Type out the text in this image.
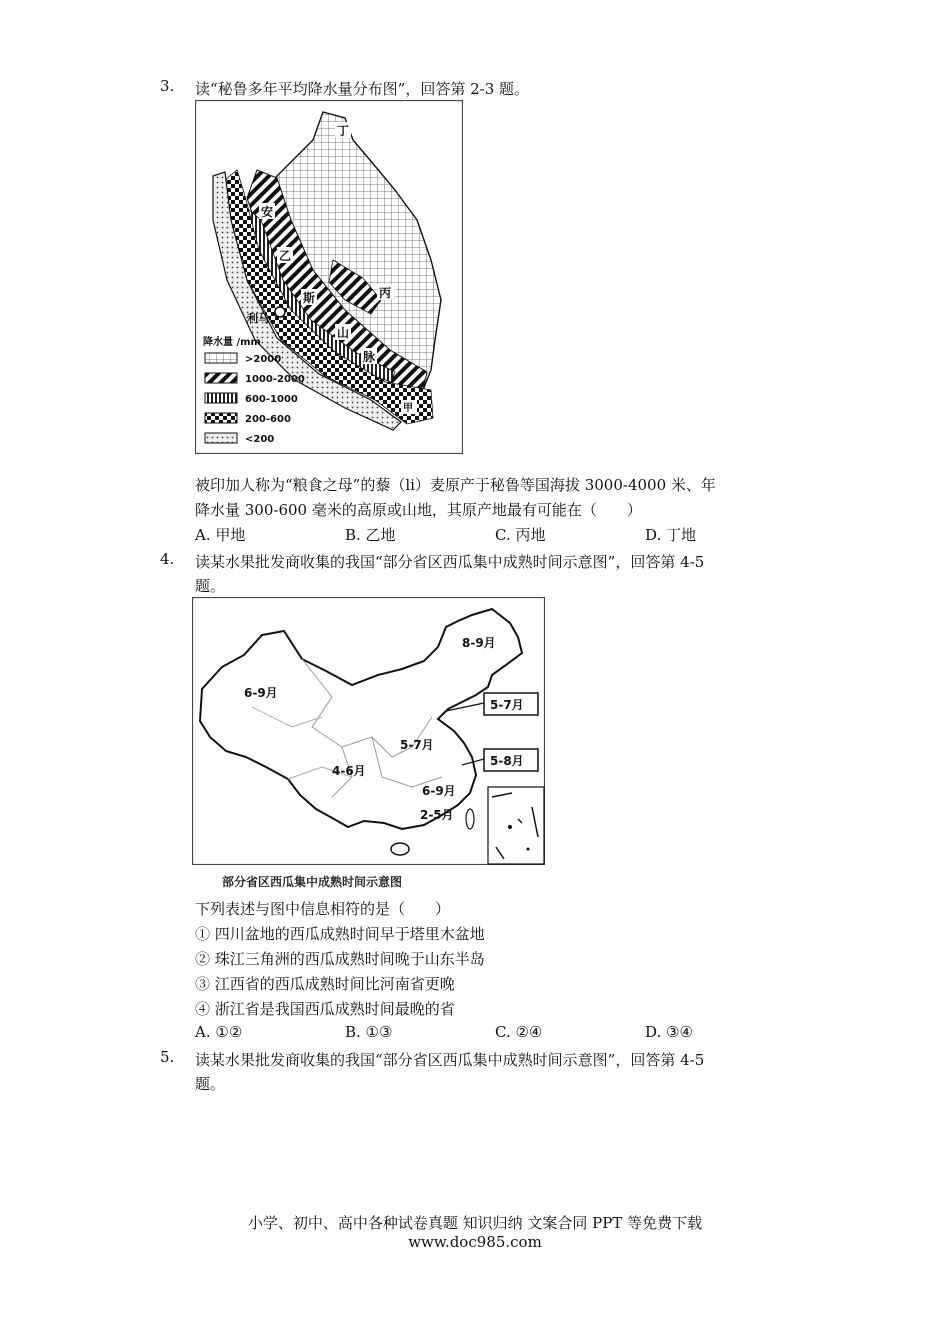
3. 读“秘鲁多年平均降水量分布图”，回答第 2-3 题。
丁
安
乙
丙
斯
山
脉
甲
利马
降水量 /mm
>2000
1000-2000
600-1000
200-600
<200
被印加人称为“粮食之母”的藜（li）麦原产于秘鲁等国海拔 3000-4000 米、年
降水量 300-600 毫米的高原或山地，其原产地最有可能在（　　）
A. 甲地	B. 乙地	C. 丙地	D. 丁地
4. 读某水果批发商收集的我国“部分省区西瓜集中成熟时间示意图”，回答第 4-5
题。
5-7月
5-8月
8-9月
6-9月
5-7月
4-6月
6-9月
2-5月
部分省区西瓜集中成熟时间示意图
下列表述与图中信息相符的是（　　）
① 四川盆地的西瓜成熟时间早于塔里木盆地
② 珠江三角洲的西瓜成熟时间晚于山东半岛
③ 江西省的西瓜成熟时间比河南省更晚
④ 浙江省是我国西瓜成熟时间最晚的省
A. ①②	B. ①③	C. ②④	D. ③④
5. 读某水果批发商收集的我国“部分省区西瓜集中成熟时间示意图”，回答第 4-5
题。
小学、初中、高中各种试卷真题 知识归纳 文案合同 PPT 等免费下载
www.doc985.com
